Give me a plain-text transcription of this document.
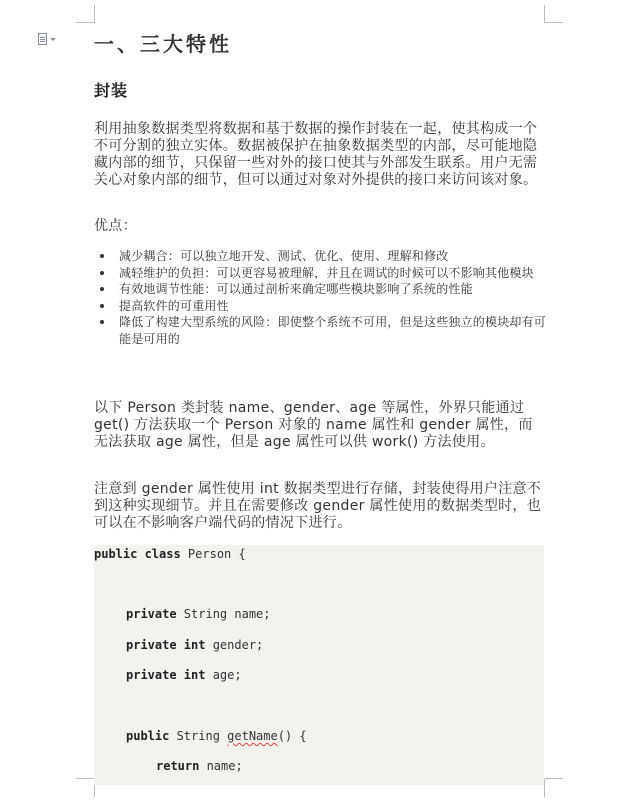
一、三大特性
封装

利用抽象数据类型将数据和基于数据的操作封装在一起，使其构成一个不可分割的独立实体。数据被保护在抽象数据类型的内部，尽可能地隐藏内部的细节，只保留一些对外的接口使其与外部发生联系。用户无需关心对象内部的细节，但可以通过对象对外提供的接口来访问该对象。

优点：

减少耦合：可以独立地开发、测试、优化、使用、理解和修改
减轻维护的负担：可以更容易被理解，并且在调试的时候可以不影响其他模块
有效地调节性能：可以通过剖析来确定哪些模块影响了系统的性能
提高软件的可重用性
降低了构建大型系统的风险：即使整个系统不可用，但是这些独立的模块却有可能是可用的

以下 Person 类封装 name、gender、age 等属性，外界只能通过 get() 方法获取一个 Person 对象的 name 属性和 gender 属性，而无法获取 age 属性，但是 age 属性可以供 work() 方法使用。

注意到 gender 属性使用 int 数据类型进行存储，封装使得用户注意不到这种实现细节。并且在需要修改 gender 属性使用的数据类型时，也可以在不影响客户端代码的情况下进行。

public class Person {
private String name;
private int gender;
private int age;
public String getName() {
return name;
